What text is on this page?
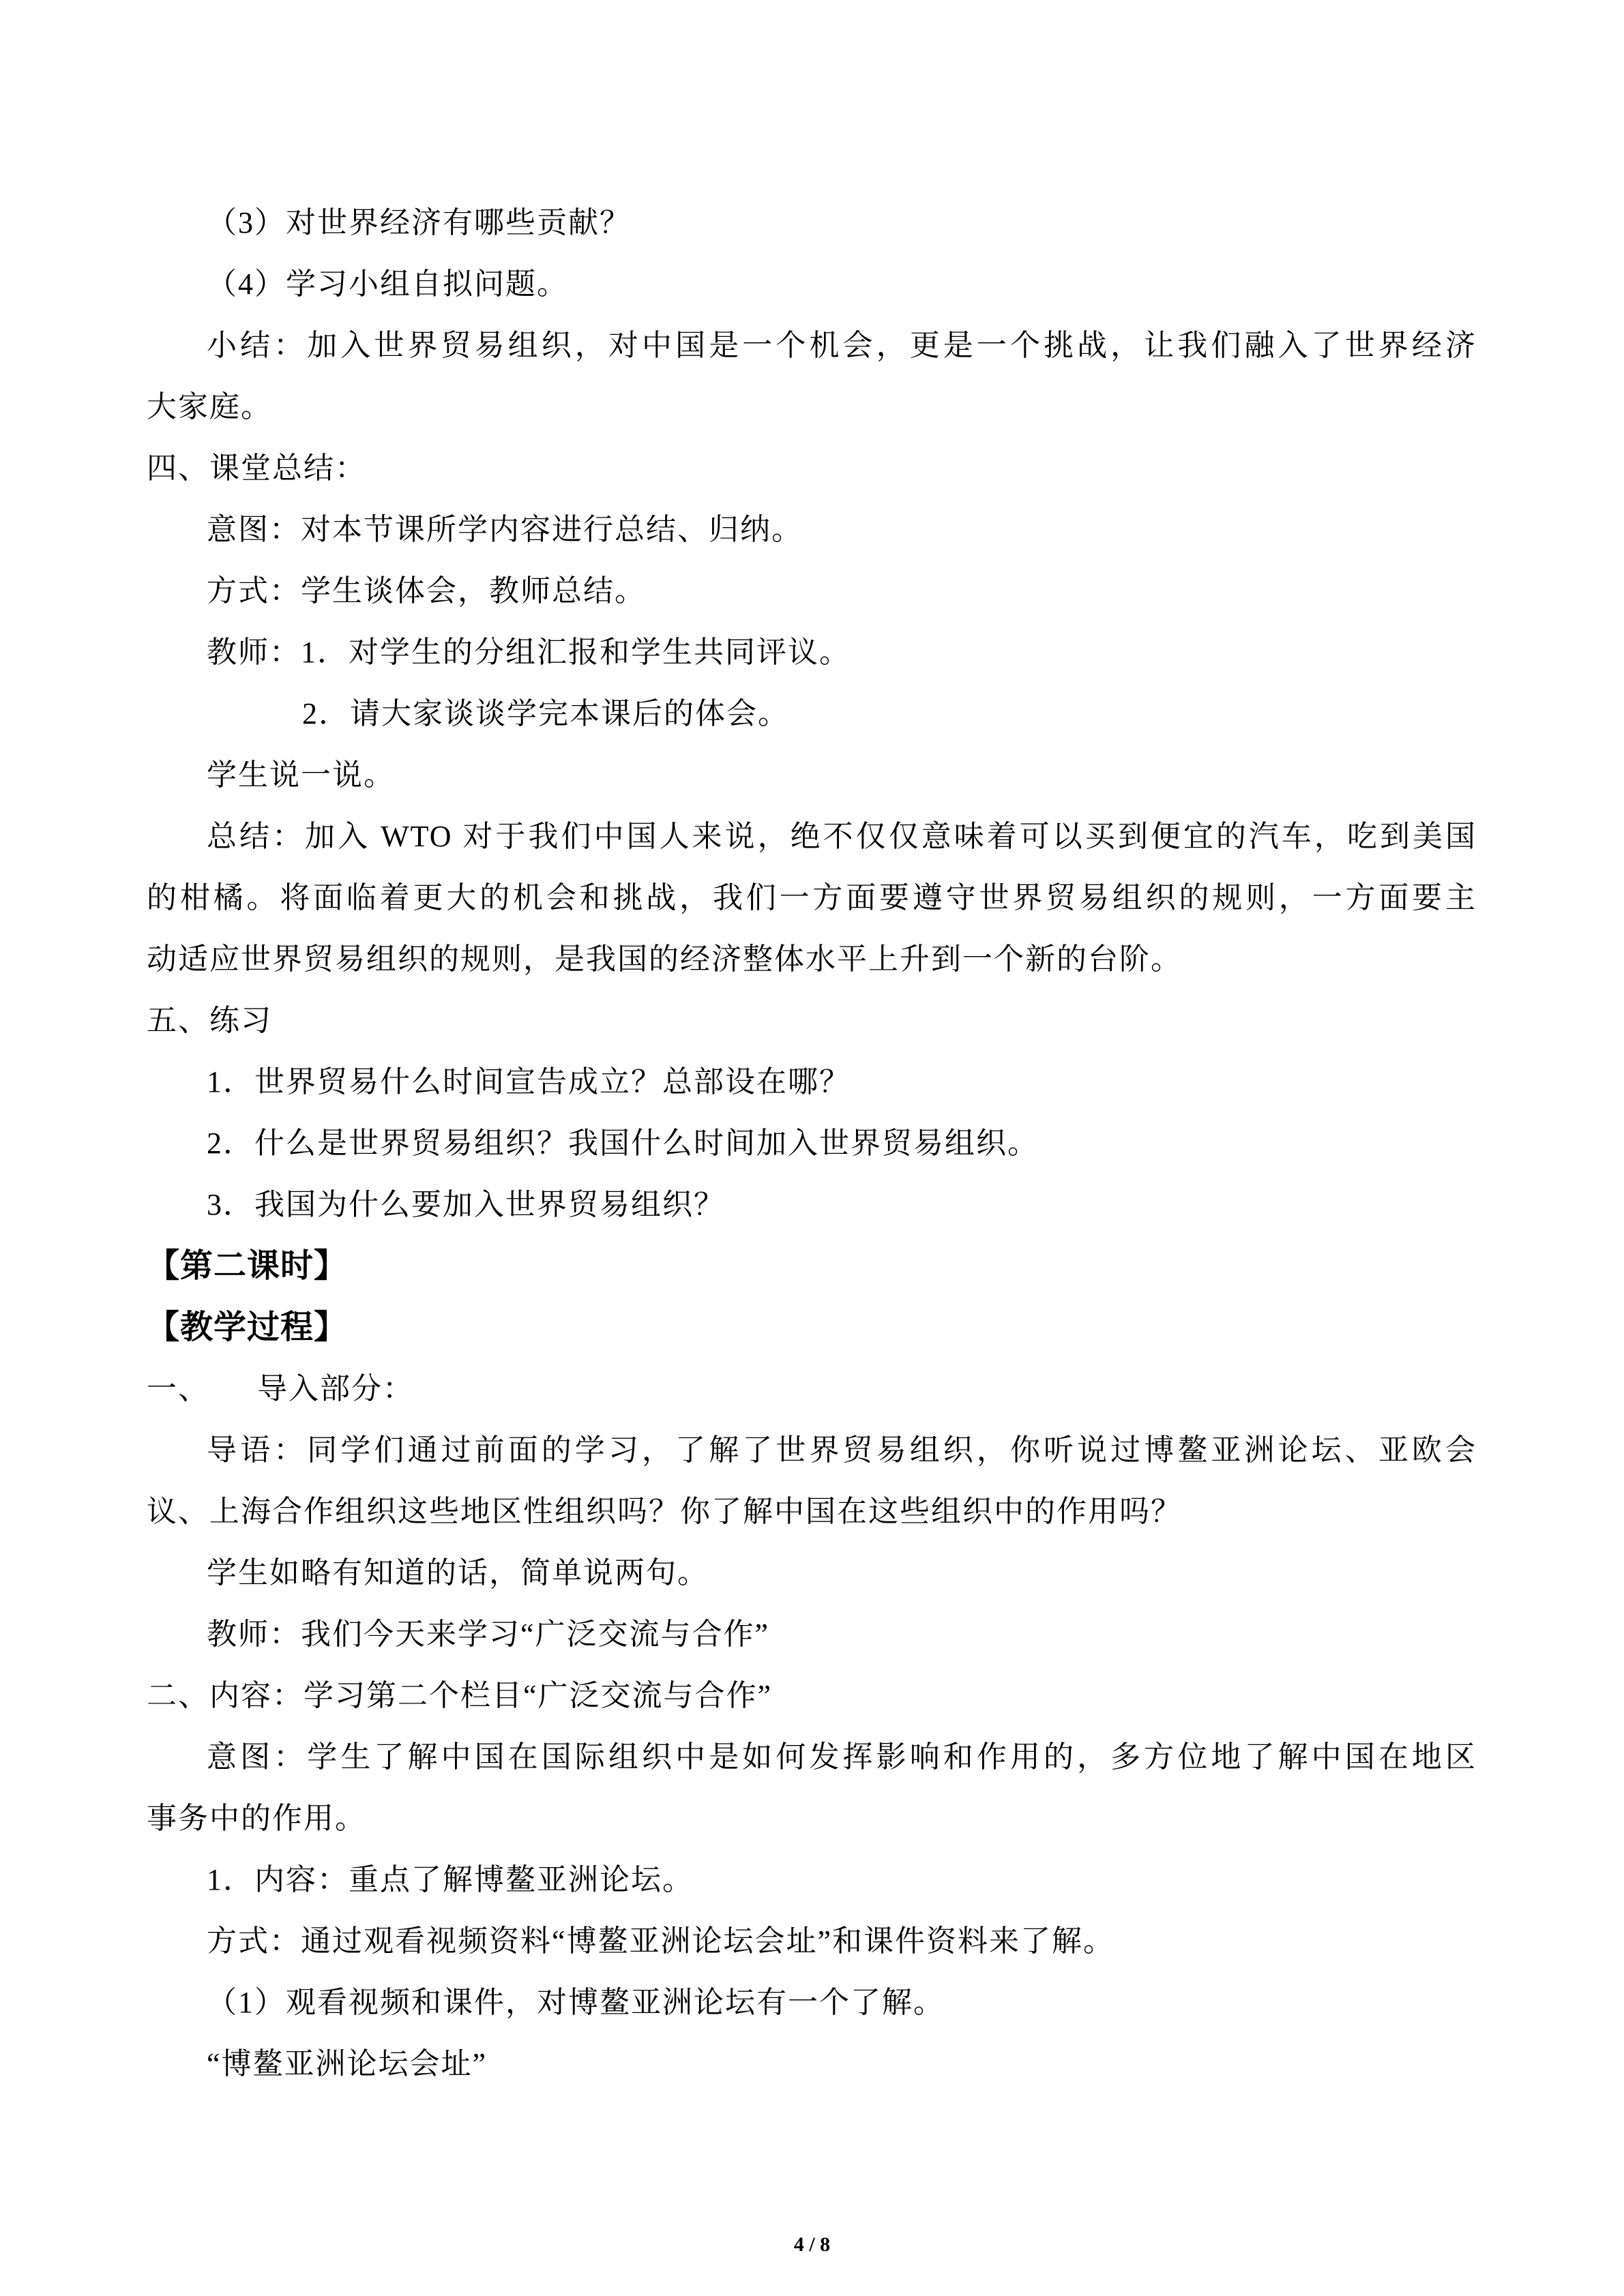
（3）对世界经济有哪些贡献？
（4）学习小组自拟问题。
小结：加入世界贸易组织，对中国是一个机会，更是一个挑战，让我们融入了世界经济
大家庭。
四、课堂总结：
意图：对本节课所学内容进行总结、归纳。
方式：学生谈体会，教师总结。
教师：1．对学生的分组汇报和学生共同评议。
2．请大家谈谈学完本课后的体会。
学生说一说。
总结：加入 WTO 对于我们中国人来说，绝不仅仅意味着可以买到便宜的汽车，吃到美国
的柑橘。将面临着更大的机会和挑战，我们一方面要遵守世界贸易组织的规则，一方面要主
动适应世界贸易组织的规则，是我国的经济整体水平上升到一个新的台阶。
五、练习
1．世界贸易什么时间宣告成立？总部设在哪？
2．什么是世界贸易组织？我国什么时间加入世界贸易组织。
3．我国为什么要加入世界贸易组织？
【第二课时】
【教学过程】
一、　　导入部分：
导语：同学们通过前面的学习，了解了世界贸易组织，你听说过博鳌亚洲论坛、亚欧会
议、上海合作组织这些地区性组织吗？你了解中国在这些组织中的作用吗？
学生如略有知道的话，简单说两句。
教师：我们今天来学习“广泛交流与合作”
二、内容：学习第二个栏目“广泛交流与合作”
意图：学生了解中国在国际组织中是如何发挥影响和作用的，多方位地了解中国在地区
事务中的作用。
1．内容：重点了解博鳌亚洲论坛。
方式：通过观看视频资料“博鳌亚洲论坛会址”和课件资料来了解。
（1）观看视频和课件，对博鳌亚洲论坛有一个了解。
“博鳌亚洲论坛会址”
4 / 8
